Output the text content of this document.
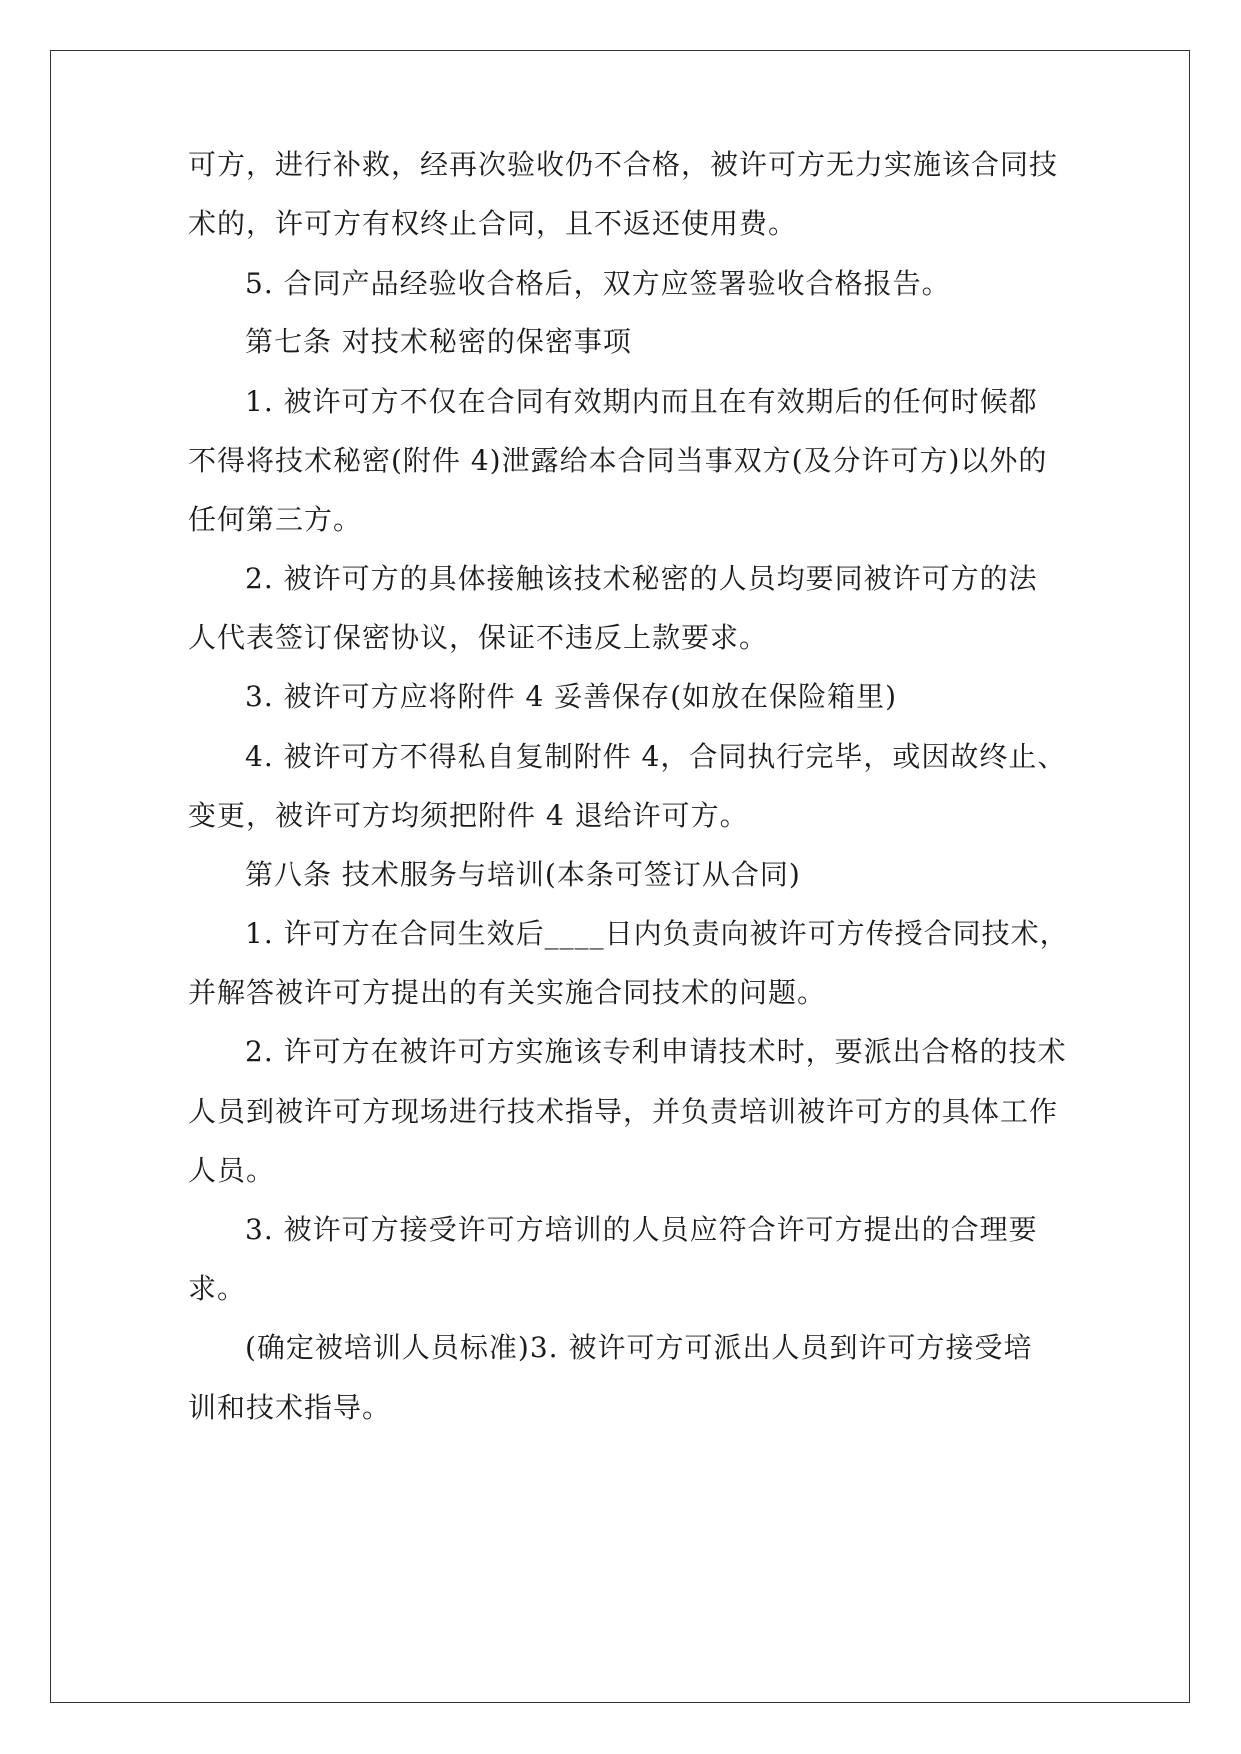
可方，进行补救，经再次验收仍不合格，被许可方无力实施该合同技
术的，许可方有权终止合同，且不返还使用费。
5. 合同产品经验收合格后，双方应签署验收合格报告。
第七条 对技术秘密的保密事项
1. 被许可方不仅在合同有效期内而且在有效期后的任何时候都
不得将技术秘密(附件 4)泄露给本合同当事双方(及分许可方)以外的
任何第三方。
2. 被许可方的具体接触该技术秘密的人员均要同被许可方的法
人代表签订保密协议，保证不违反上款要求。
3. 被许可方应将附件 4 妥善保存(如放在保险箱里)
4. 被许可方不得私自复制附件 4，合同执行完毕，或因故终止、
变更，被许可方均须把附件 4 退给许可方。
第八条 技术服务与培训(本条可签订从合同)
1. 许可方在合同生效后____日内负责向被许可方传授合同技术，
并解答被许可方提出的有关实施合同技术的问题。
2. 许可方在被许可方实施该专利申请技术时，要派出合格的技术
人员到被许可方现场进行技术指导，并负责培训被许可方的具体工作
人员。
3. 被许可方接受许可方培训的人员应符合许可方提出的合理要
求。
(确定被培训人员标准)3. 被许可方可派出人员到许可方接受培
训和技术指导。
